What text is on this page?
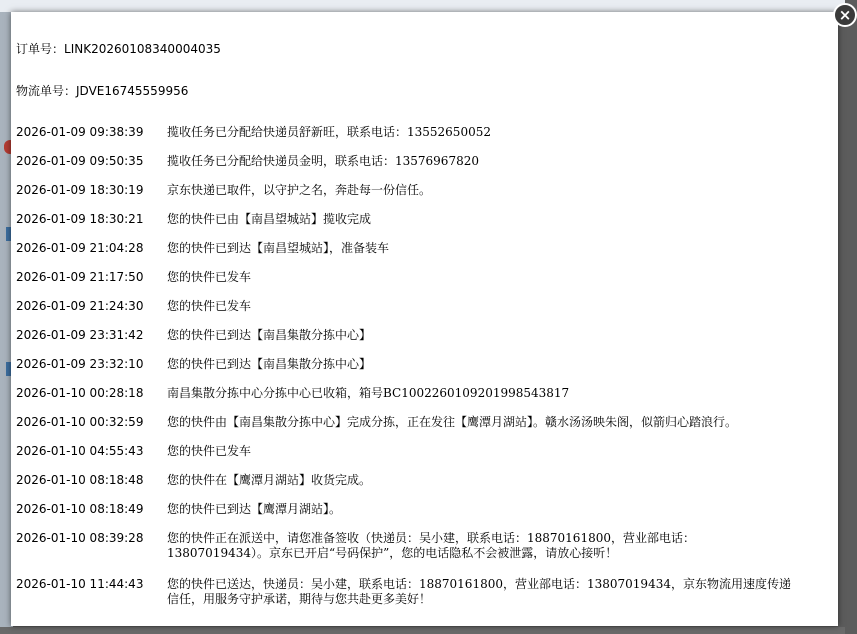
订单号：LINK20260108340004035
物流单号：JDVE16745559956
2026-01-09 09:38:39 揽收任务已分配给快递员舒新旺，联系电话：13552650052
2026-01-09 09:50:35 揽收任务已分配给快递员金明，联系电话：13576967820
2026-01-09 18:30:19 京东快递已取件，以守护之名，奔赴每一份信任。
2026-01-09 18:30:21 您的快件已由【南昌望城站】揽收完成
2026-01-09 21:04:28 您的快件已到达【南昌望城站】，准备装车
2026-01-09 21:17:50 您的快件已发车
2026-01-09 21:24:30 您的快件已发车
2026-01-09 23:31:42 您的快件已到达【南昌集散分拣中心】
2026-01-09 23:32:10 您的快件已到达【南昌集散分拣中心】
2026-01-10 00:28:18 南昌集散分拣中心分拣中心已收箱，箱号BC1002260109201998543817
2026-01-10 00:32:59 您的快件由【南昌集散分拣中心】完成分拣，正在发往【鹰潭月湖站】。赣水汤汤映朱阁，似箭归心踏浪行。
2026-01-10 04:55:43 您的快件已发车
2026-01-10 08:18:48 您的快件在【鹰潭月湖站】收货完成。
2026-01-10 08:18:49 您的快件已到达【鹰潭月湖站】。
2026-01-10 08:39:28 您的快件正在派送中，请您准备签收（快递员：吴小建，联系电话：18870161800，营业部电话：13807019434）。京东已开启“号码保护”，您的电话隐私不会被泄露，请放心接听！
2026-01-10 11:44:43 您的快件已送达，快递员：吴小建，联系电话：18870161800，营业部电话：13807019434，京东物流用速度传递信任，用服务守护承诺，期待与您共赴更多美好！
×
